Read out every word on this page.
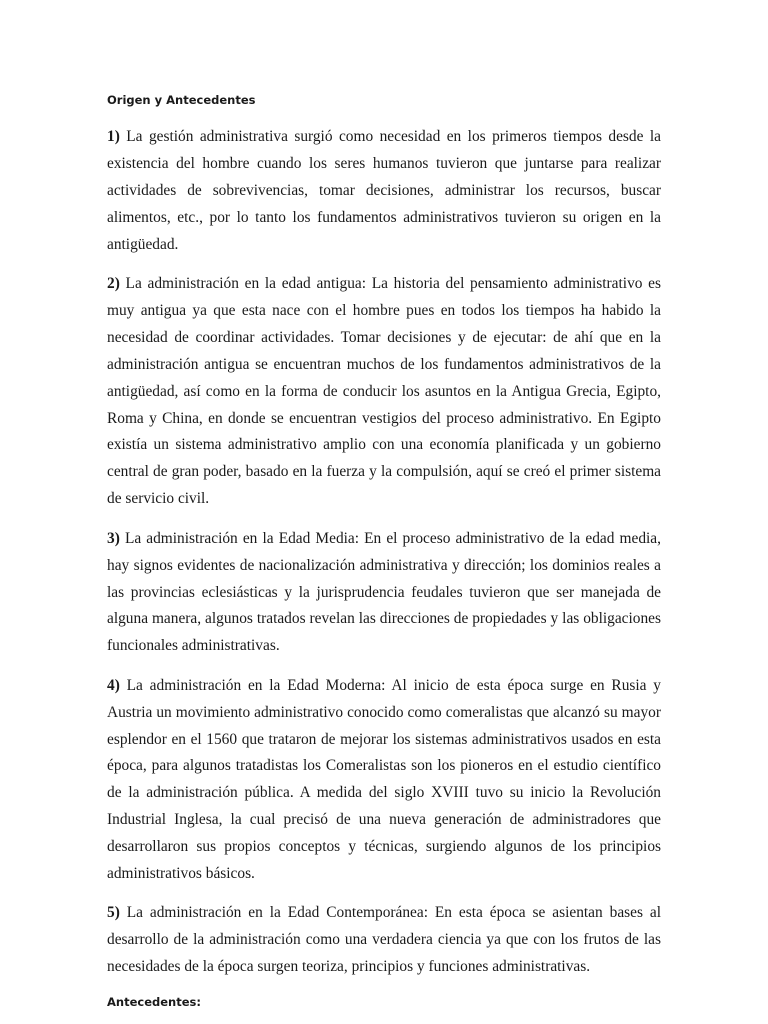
Origen y Antecedentes

1) La gestión administrativa surgió como necesidad en los primeros tiempos desde la existencia del hombre cuando los seres humanos tuvieron que juntarse para realizar actividades de sobrevivencias, tomar decisiones, administrar los recursos, buscar alimentos, etc., por lo tanto los fundamentos administrativos tuvieron su origen en la antigüedad.

2) La administración en la edad antigua: La historia del pensamiento administrativo es muy antigua ya que esta nace con el hombre pues en todos los tiempos ha habido la necesidad de coordinar actividades. Tomar decisiones y de ejecutar: de ahí que en la administración antigua se encuentran muchos de los fundamentos administrativos de la antigüedad, así como en la forma de conducir los asuntos en la Antigua Grecia, Egipto, Roma y China, en donde se encuentran vestigios del proceso administrativo. En Egipto existía un sistema administrativo amplio con una economía planificada y un gobierno central de gran poder, basado en la fuerza y la compulsión, aquí se creó el primer sistema de servicio civil.

3) La administración en la Edad Media: En el proceso administrativo de la edad media, hay signos evidentes de nacionalización administrativa y dirección; los dominios reales a las provincias eclesiásticas y la jurisprudencia feudales tuvieron que ser manejada de alguna manera, algunos tratados revelan las direcciones de propiedades y las obligaciones funcionales administrativas.

4) La administración en la Edad Moderna: Al inicio de esta época surge en Rusia y Austria un movimiento administrativo conocido como comeralistas que alcanzó su mayor esplendor en el 1560 que trataron de mejorar los sistemas administrativos usados en esta época, para algunos tratadistas los Comeralistas son los pioneros en el estudio científico de la administración pública. A medida del siglo XVIII tuvo su inicio la Revolución Industrial Inglesa, la cual precisó de una nueva generación de administradores que desarrollaron sus propios conceptos y técnicas, surgiendo algunos de los principios administrativos básicos.

5) La administración en la Edad Contemporánea: En esta época se asientan bases al desarrollo de la administración como una verdadera ciencia ya que con los frutos de las necesidades de la época surgen teoriza, principios y funciones administrativas.

Antecedentes:
